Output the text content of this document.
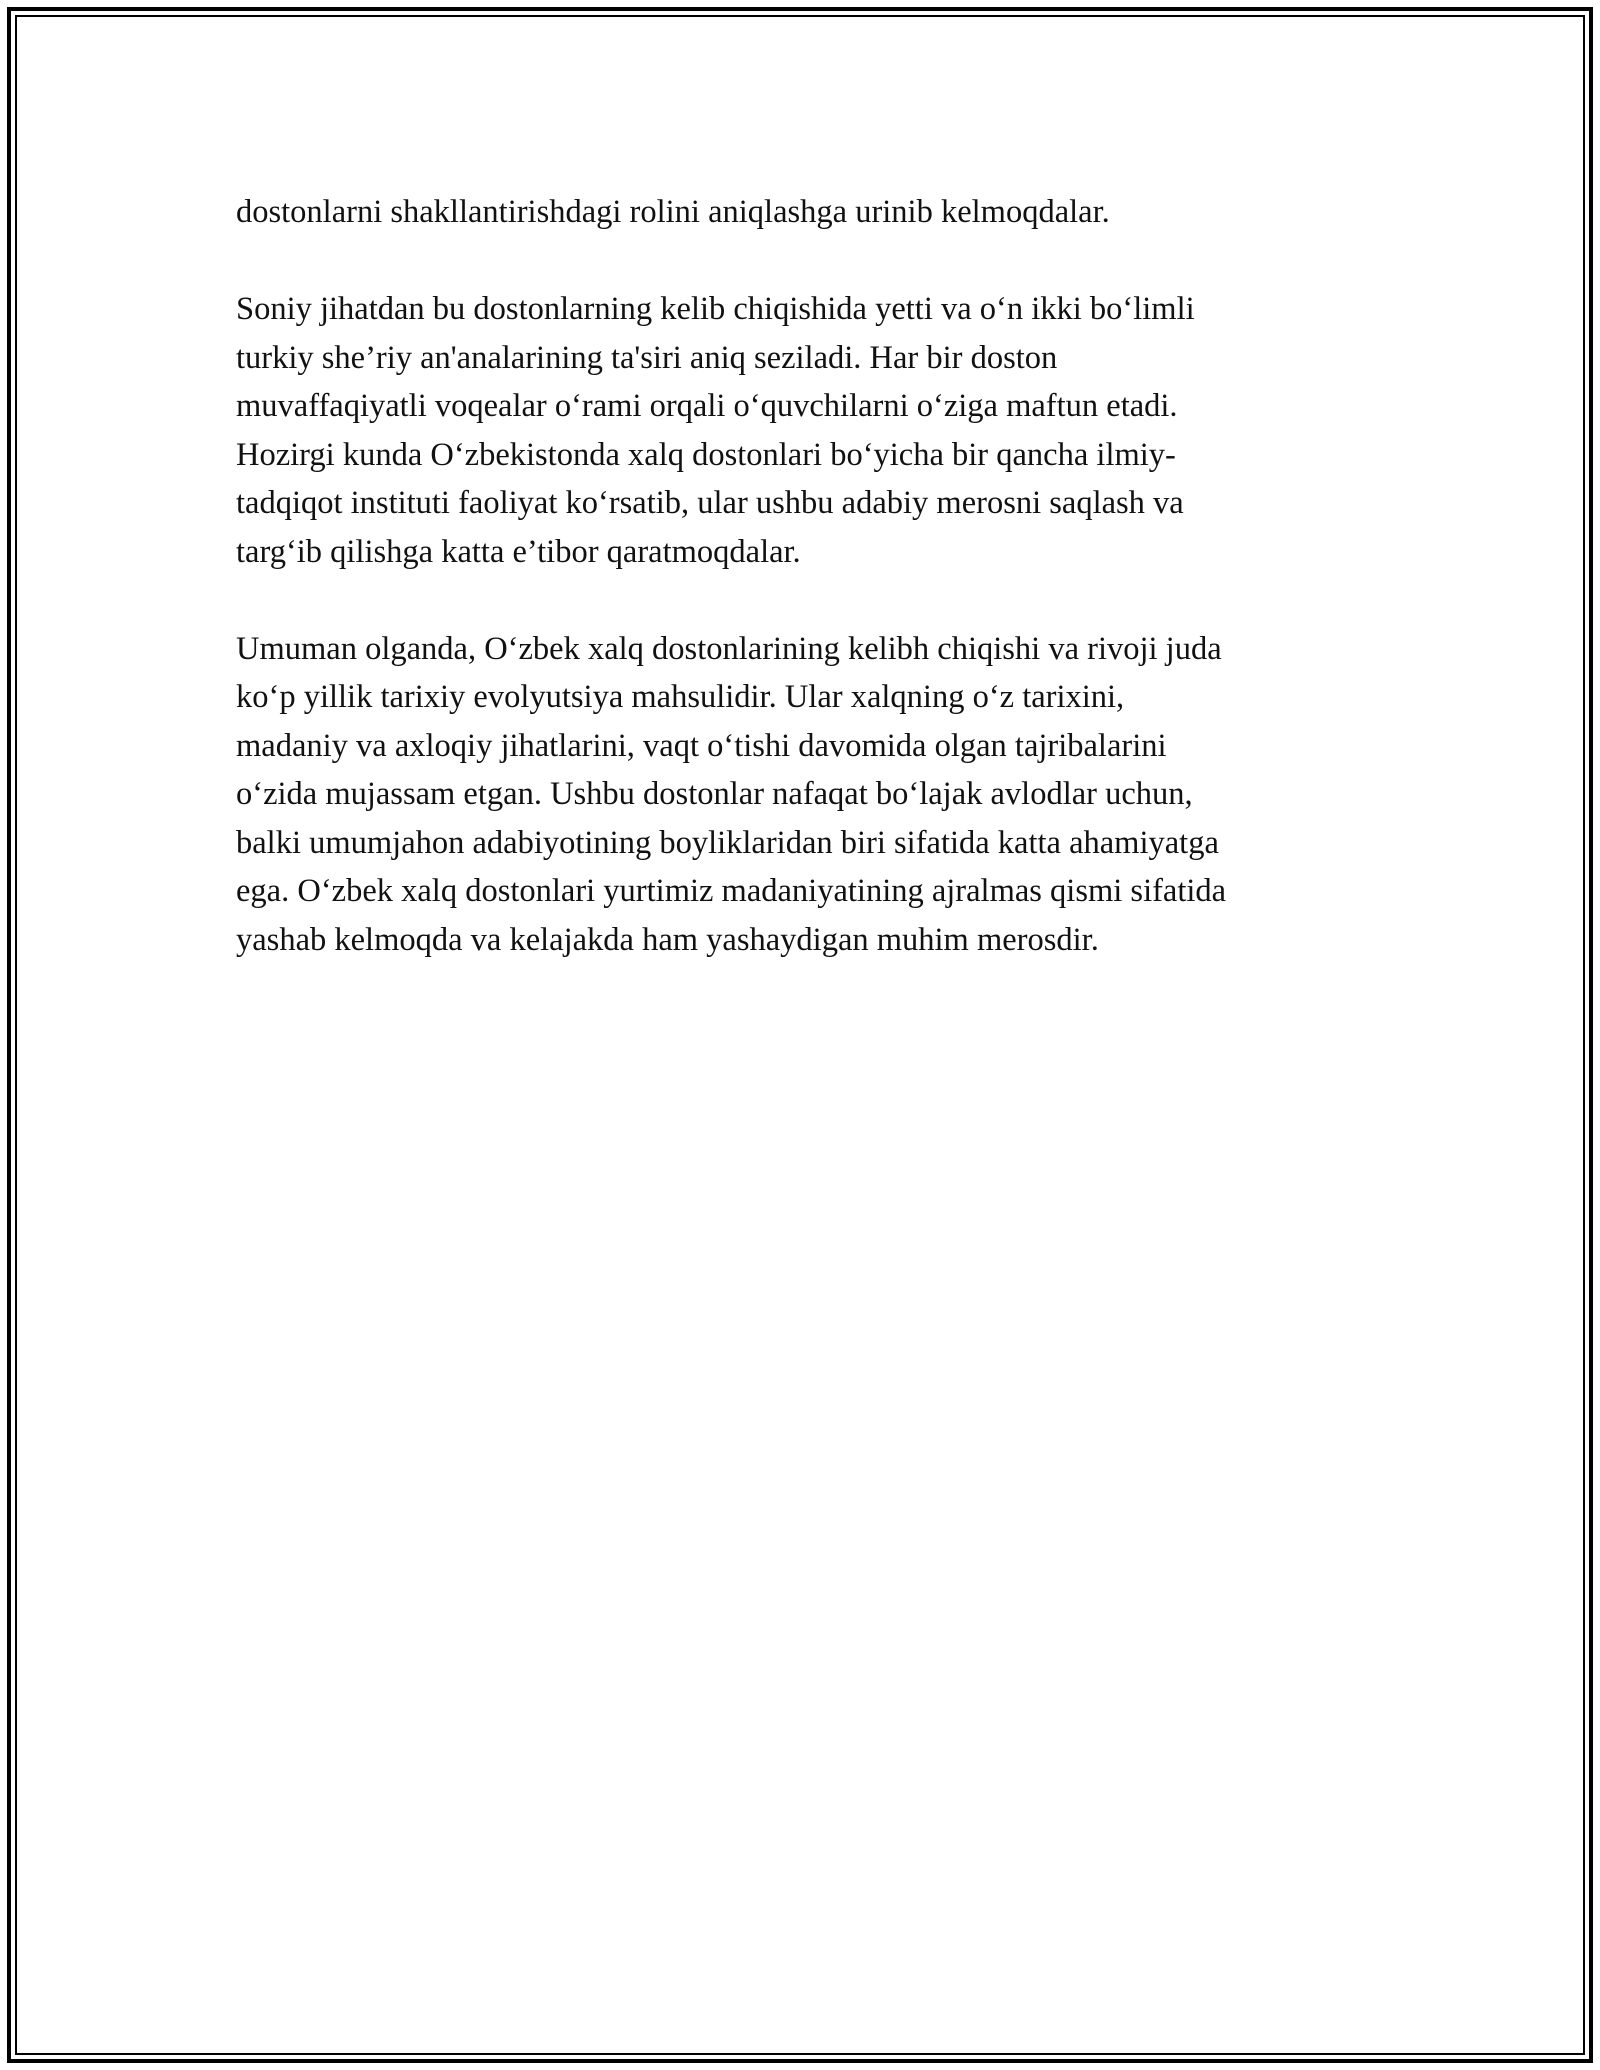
dostonlarni shakllantirishdagi rolini aniqlashga urinib kelmoqdalar.

Soniy jihatdan bu dostonlarning kelib chiqishida yetti va o‘n ikki bo‘limli
turkiy she’riy an'analarining ta'siri aniq seziladi. Har bir doston
muvaffaqiyatli voqealar o‘rami orqali o‘quvchilarni o‘ziga maftun etadi.
Hozirgi kunda O‘zbekistonda xalq dostonlari bo‘yicha bir qancha ilmiy-
tadqiqot instituti faoliyat ko‘rsatib, ular ushbu adabiy merosni saqlash va
targ‘ib qilishga katta e’tibor qaratmoqdalar.

Umuman olganda, O‘zbek xalq dostonlarining kelibh chiqishi va rivoji juda
ko‘p yillik tarixiy evolyutsiya mahsulidir. Ular xalqning o‘z tarixini,
madaniy va axloqiy jihatlarini, vaqt o‘tishi davomida olgan tajribalarini
o‘zida mujassam etgan. Ushbu dostonlar nafaqat bo‘lajak avlodlar uchun,
balki umumjahon adabiyotining boyliklaridan biri sifatida katta ahamiyatga
ega. O‘zbek xalq dostonlari yurtimiz madaniyatining ajralmas qismi sifatida
yashab kelmoqda va kelajakda ham yashaydigan muhim merosdir.
